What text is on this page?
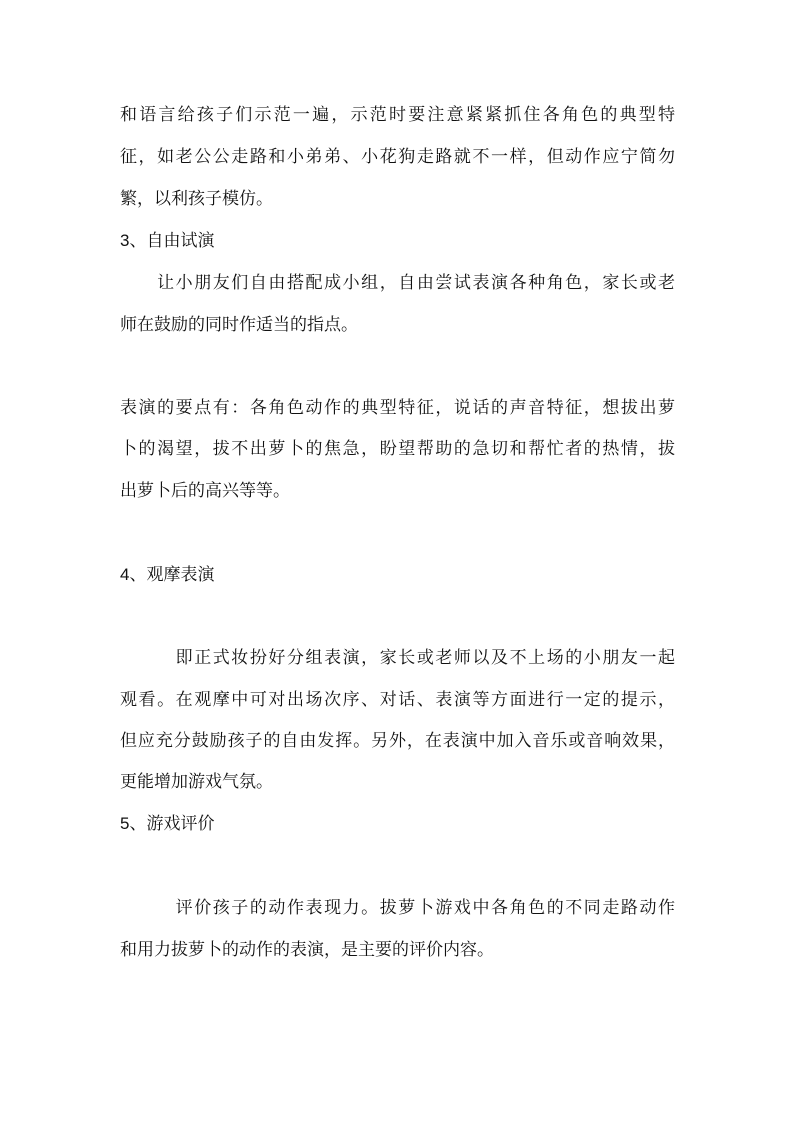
和语言给孩子们示范一遍，示范时要注意紧紧抓住各角色的典型特
征，如老公公走路和小弟弟、小花狗走路就不一样，但动作应宁简勿
繁，以利孩子模仿。
3、自由试演
　　让小朋友们自由搭配成小组，自由尝试表演各种角色，家长或老
师在鼓励的同时作适当的指点。
表演的要点有：各角色动作的典型特征，说话的声音特征，想拔出萝
卜的渴望，拔不出萝卜的焦急，盼望帮助的急切和帮忙者的热情，拔
出萝卜后的高兴等等。
4、观摩表演
　　　即正式妆扮好分组表演，家长或老师以及不上场的小朋友一起
观看。在观摩中可对出场次序、对话、表演等方面进行一定的提示，
但应充分鼓励孩子的自由发挥。另外，在表演中加入音乐或音响效果，
更能增加游戏气氛。
5、游戏评价
　　　评价孩子的动作表现力。拔萝卜游戏中各角色的不同走路动作
和用力拔萝卜的动作的表演，是主要的评价内容。
